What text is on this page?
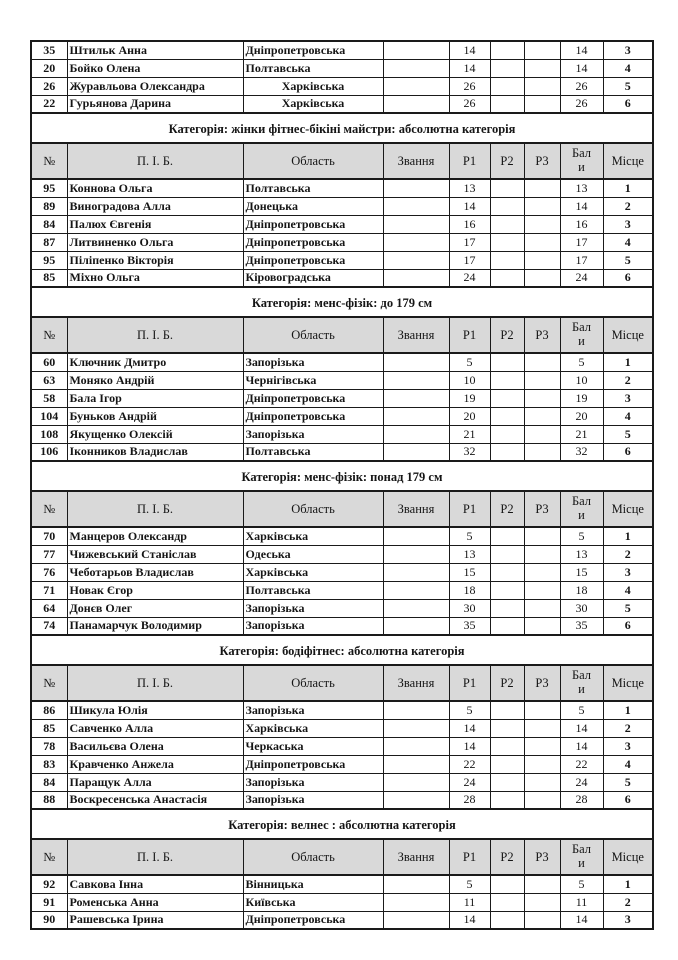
35	Штильк Анна	Дніпропетровська		14			14	3
20	Бойко Олена	Полтавська		14			14	4
26	Журавльова Олександра	Харківська		26			26	5
22	Гурьянова Дарина	Харківська		26			26	6
Категорія: жінки фітнес-бікіні майстри: абсолютна категорія								
№	П. І. Б.	Область	Звання	Р1	Р2	Р3	Бали	Місце
95	Коннова Ольга	Полтавська		13			13	1
89	Виноградова Алла	Донецька		14			14	2
84	Палюх Євгенія	Дніпропетровська		16			16	3
87	Литвиненко Ольга	Дніпропетровська		17			17	4
95	Піліпенко Вікторія	Дніпропетровська		17			17	5
85	Міхно Ольга	Кіровоградська		24			24	6
Категорія: менс-фізік: до 179 см								
№	П. І. Б.	Область	Звання	Р1	Р2	Р3	Бали	Місце
60	Ключник Дмитро	Запорізька		5			5	1
63	Моняко Андрій	Чернігівська		10			10	2
58	Бала Ігор	Дніпропетровська		19			19	3
104	Буньков Андрій	Дніпропетровська		20			20	4
108	Якущенко Олексій	Запорізька		21			21	5
106	Іконников Владислав	Полтавська		32			32	6
Категорія: менс-фізік: понад 179 см								
№	П. І. Б.	Область	Звання	Р1	Р2	Р3	Бали	Місце
70	Манцеров Олександр	Харківська		5			5	1
77	Чижевський Станіслав	Одеська		13			13	2
76	Чеботарьов Владислав	Харківська		15			15	3
71	Новак Єгор	Полтавська		18			18	4
64	Донєв Олег	Запорізька		30			30	5
74	Панамарчук Володимир	Запорізька		35			35	6
Категорія: бодіфітнес: абсолютна категорія								
№	П. І. Б.	Область	Звання	Р1	Р2	Р3	Бали	Місце
86	Шикула Юлія	Запорізька		5			5	1
85	Савченко Алла	Харківська		14			14	2
78	Васильєва Олена	Черкаська		14			14	3
83	Кравченко Анжела	Дніпропетровська		22			22	4
84	Паращук Алла	Запорізька		24			24	5
88	Воскресенська Анастасія	Запорізька		28			28	6
Категорія: велнес : абсолютна категорія								
№	П. І. Б.	Область	Звання	Р1	Р2	Р3	Бали	Місце
92	Савкова Інна	Вінницька		5			5	1
91	Роменська Анна	Київська		11			11	2
90	Рашевська Ірина	Дніпропетровська		14			14	3
